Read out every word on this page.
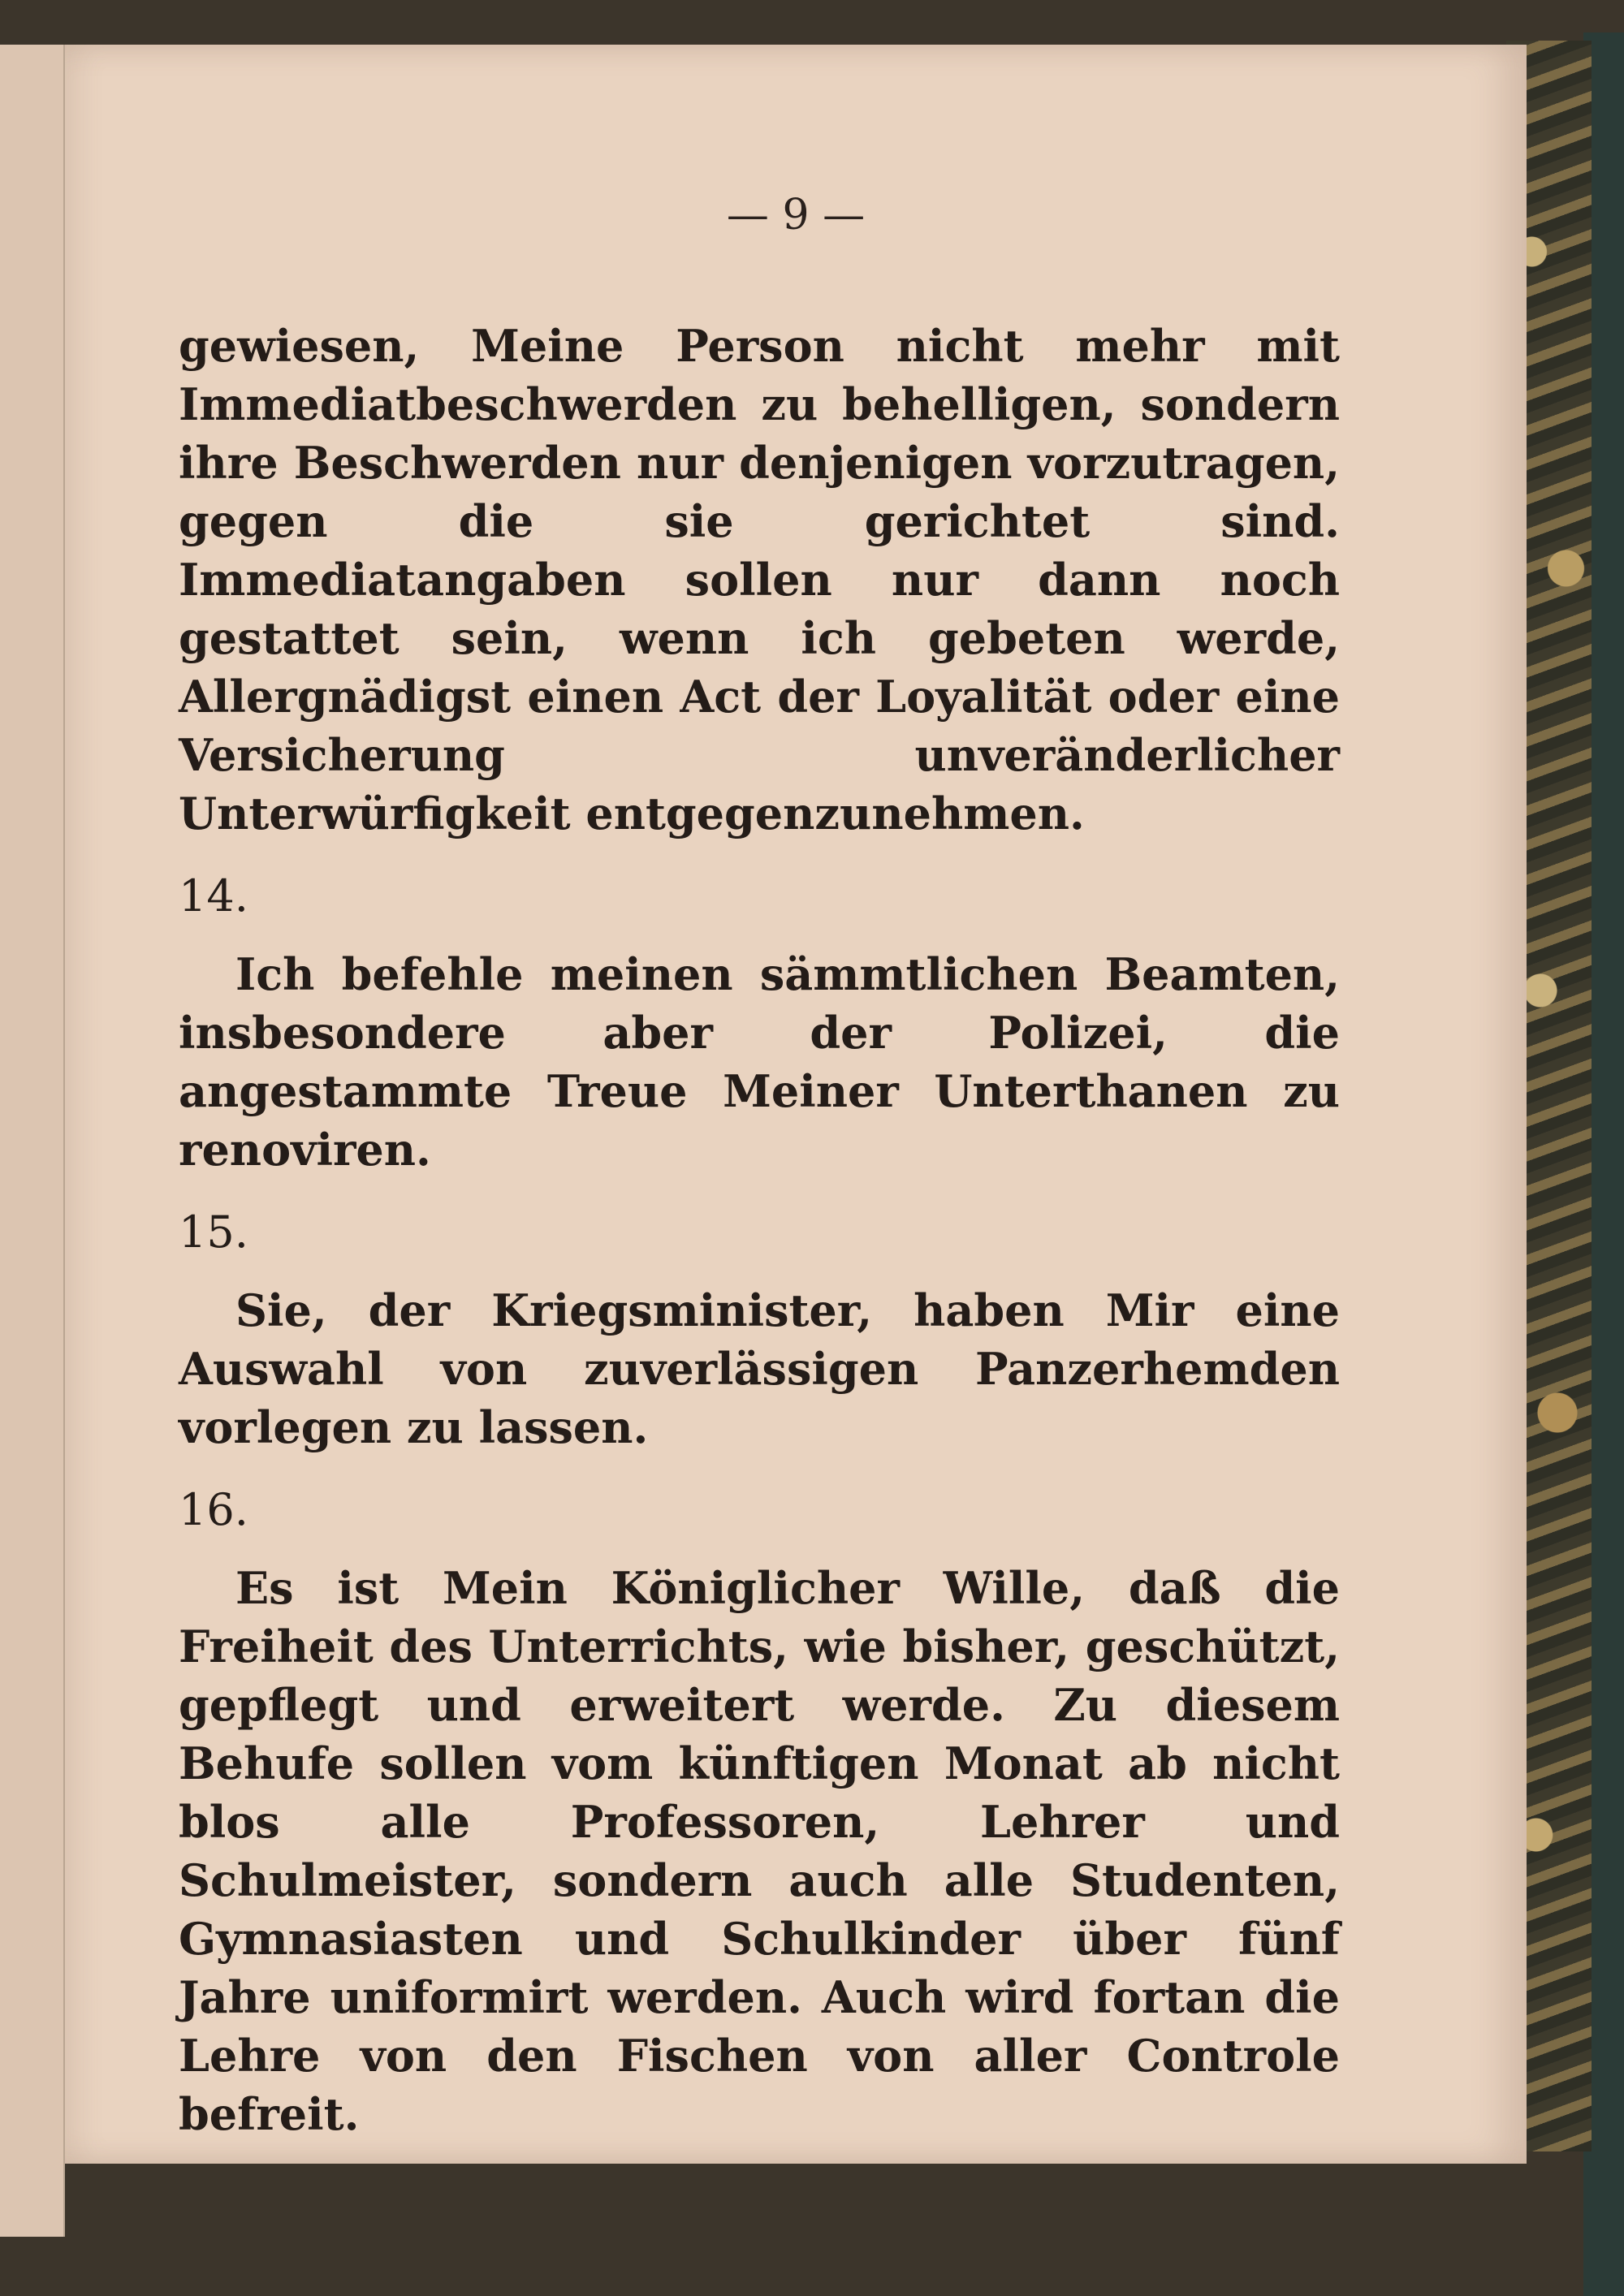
— 9 —

gewiesen, Meine Person nicht mehr mit Immediatbeschwerden zu behelligen, sondern ihre Beschwerden nur denjenigen vorzutragen, gegen die sie gerichtet sind. Immediatangaben sollen nur dann noch gestattet sein, wenn ich gebeten werde, Allergnädigst einen Act der Loyalität oder eine Versicherung unveränderlicher Unterwürfigkeit entgegenzunehmen.

14.

Ich befehle meinen sämmtlichen Beamten, insbesondere aber der Polizei, die angestammte Treue Meiner Unterthanen zu renoviren.

15.

Sie, der Kriegsminister, haben Mir eine Auswahl von zuverlässigen Panzerhemden vorlegen zu lassen.

16.

Es ist Mein Königlicher Wille, daß die Freiheit des Unterrichts, wie bisher, geschützt, gepflegt und erweitert werde. Zu diesem Behufe sollen vom künftigen Monat ab nicht blos alle Professoren, Lehrer und Schulmeister, sondern auch alle Studenten, Gymnasiasten und Schulkinder über fünf Jahre uniformirt werden. Auch wird fortan die Lehre von den Fischen von aller Controle befreit.
